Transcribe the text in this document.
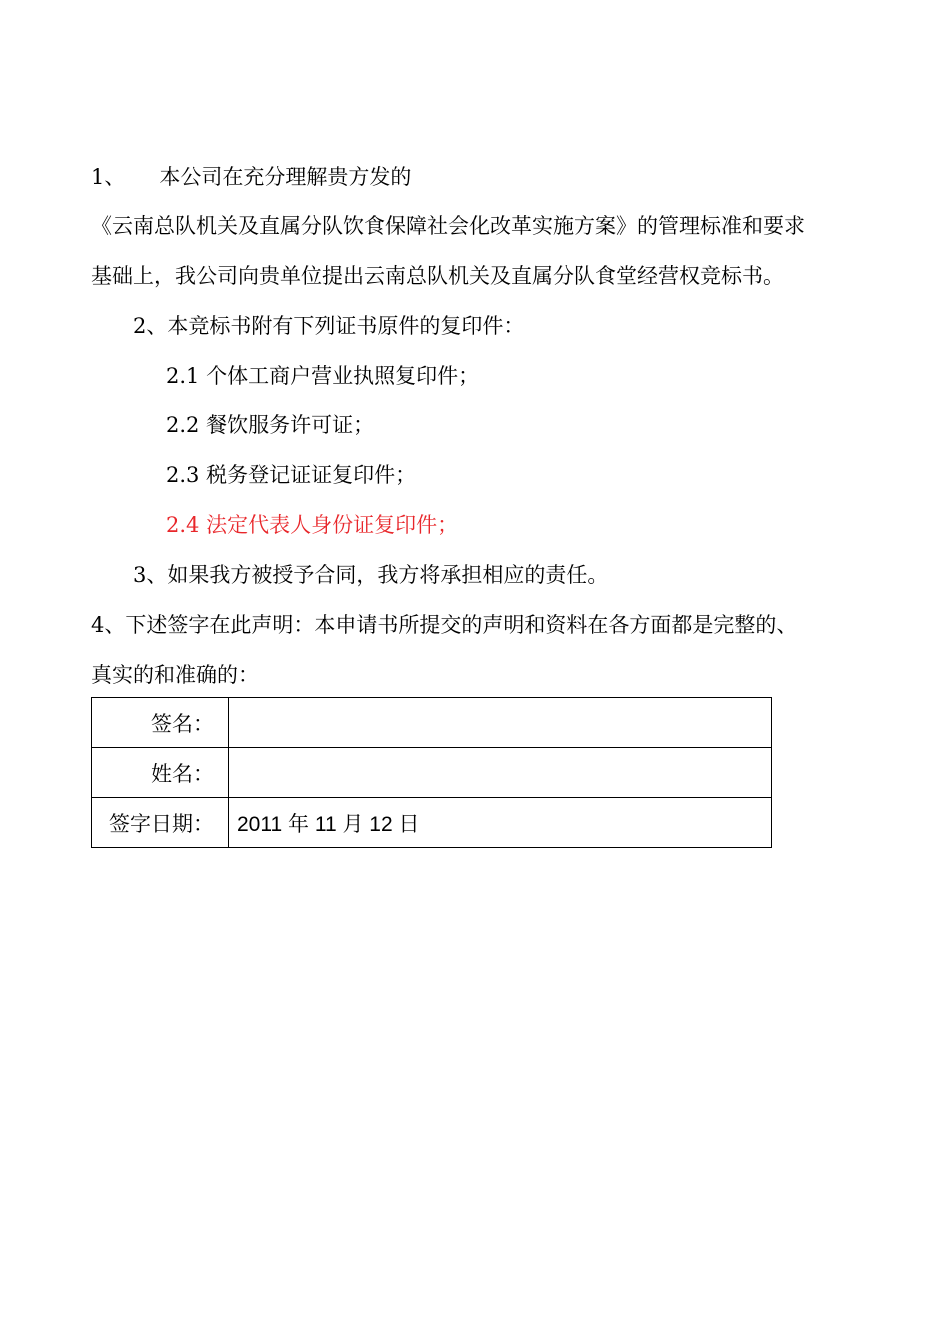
1、 本公司在充分理解贵方发的
《云南总队机关及直属分队饮食保障社会化改革实施方案》的管理标准和要求
基础上，我公司向贵单位提出云南总队机关及直属分队食堂经营权竞标书。
2、本竞标书附有下列证书原件的复印件：
2.1 个体工商户营业执照复印件；
2.2 餐饮服务许可证；
2.3 税务登记证证复印件；
2.4 法定代表人身份证复印件；
3、如果我方被授予合同，我方将承担相应的责任。
4、下述签字在此声明：本申请书所提交的声明和资料在各方面都是完整的、
真实的和准确的：
签名：	
姓名：	
签字日期：	2011 年 11 月 12 日
